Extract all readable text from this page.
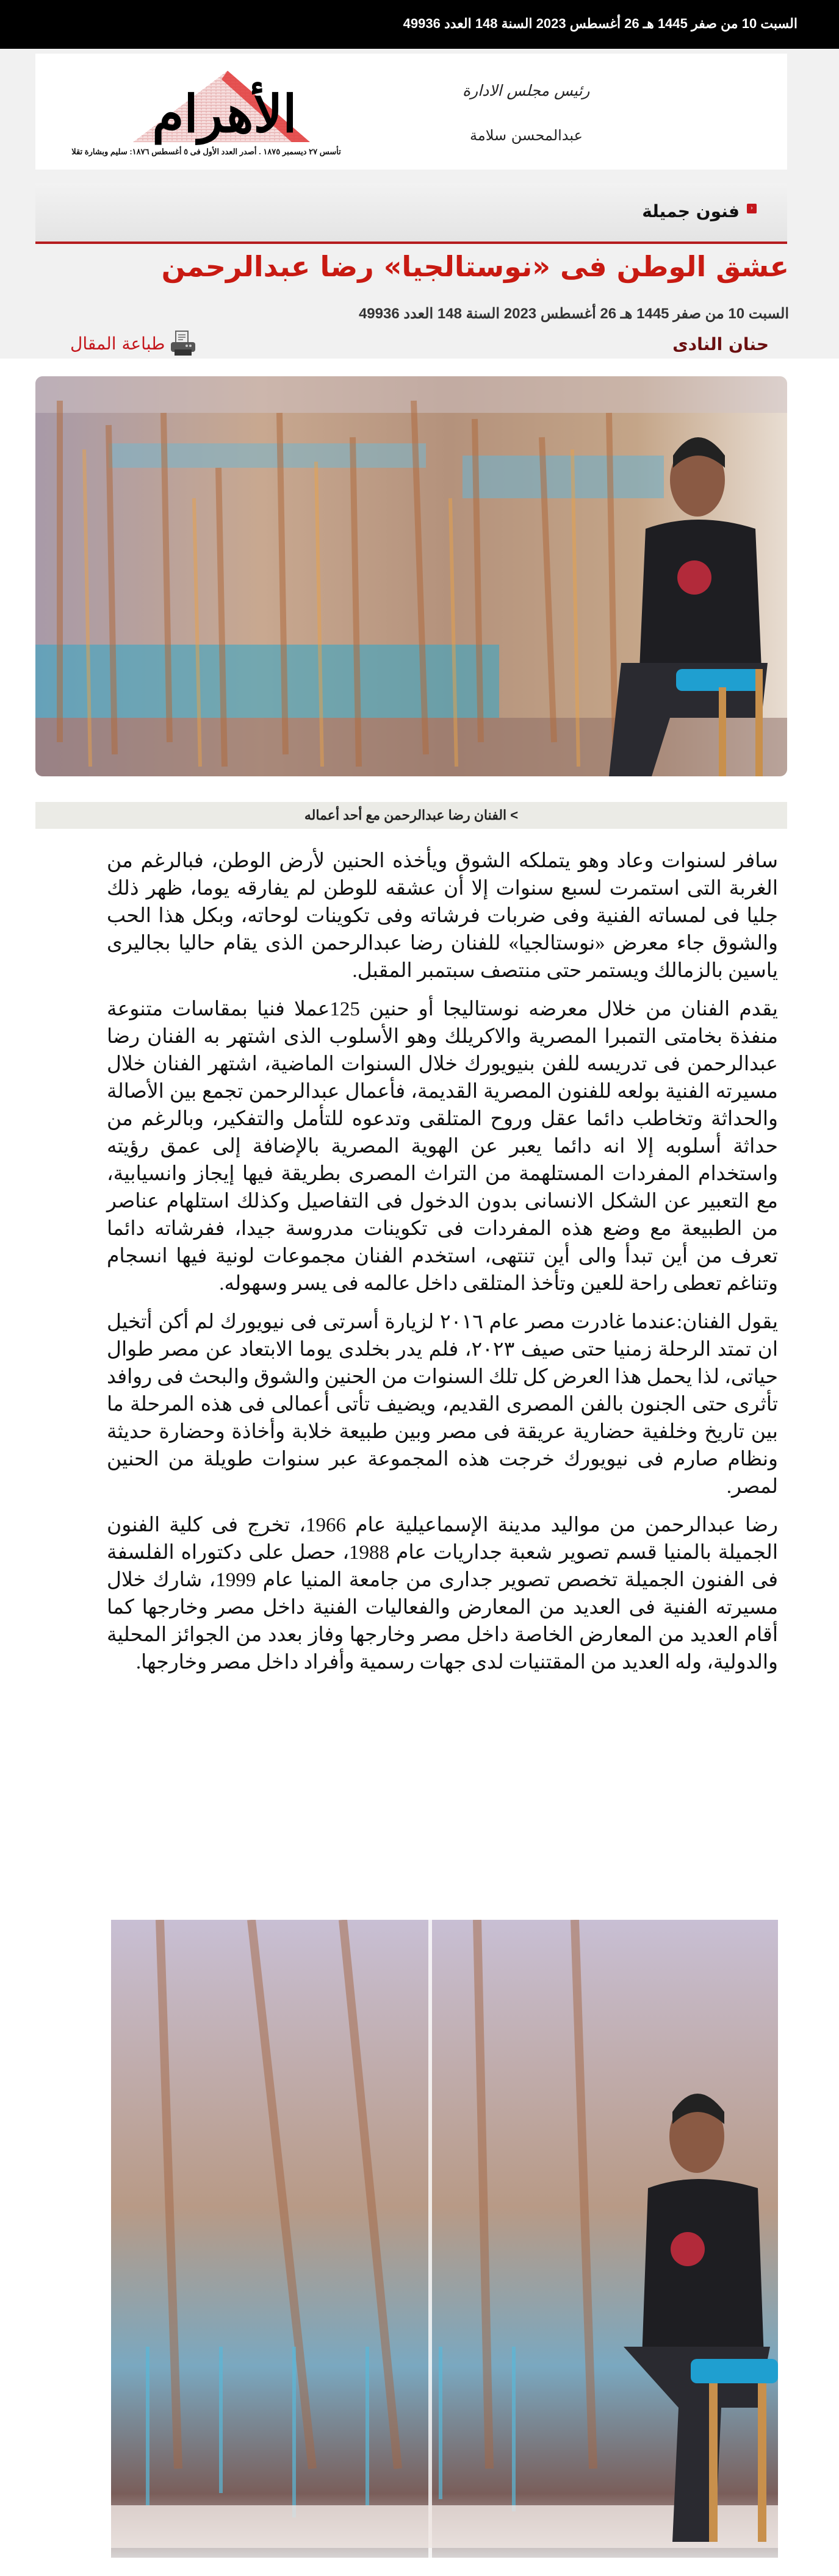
السبت 10 من صفر 1445 هـ 26 أغسطس 2023 السنة 148 العدد 49936
الأهرام
تأسس ٢٧ ديسمبر ١٨٧٥ . أصدر العدد الأول فى ٥ أغسطس ١٨٧٦: سليم وبشارة تقلا
رئيس مجلس الادارة
عبدالمحسن سلامة
‹
فنون جميلة
عشق الوطن فى «نوستالجيا» رضا عبدالرحمن
السبت 10 من صفر 1445 هـ 26 أغسطس 2023 السنة 148 العدد 49936
طباعة المقال	حنان النادى
> الفنان رضا عبدالرحمن مع أحد أعماله

سافر لسنوات وعاد وهو يتملكه الشوق ويأخذه الحنين لأرض الوطن، فبالرغم من الغربة التى استمرت لسبع سنوات إلا أن عشقه للوطن لم يفارقه يوما، ظهر ذلك جليا فى لمساته الفنية وفى ضربات فرشاته وفى تكوينات لوحاته، وبكل هذا الحب والشوق جاء معرض «نوستالجيا» للفنان رضا عبدالرحمن الذى يقام حاليا بجاليرى ياسين بالزمالك ويستمر حتى منتصف سبتمبر المقبل.

يقدم الفنان من خلال معرضه نوستاليجا أو حنين 125عملا فنيا بمقاسات متنوعة منفذة بخامتى التمبرا المصرية والاكريلك وهو الأسلوب الذى اشتهر به الفنان رضا عبدالرحمن فى تدريسه للفن بنيويورك خلال السنوات الماضية، اشتهر الفنان خلال مسيرته الفنية بولعه للفنون المصرية القديمة، فأعمال عبدالرحمن تجمع بين الأصالة والحداثة وتخاطب دائما عقل وروح المتلقى وتدعوه للتأمل والتفكير، وبالرغم من حداثة أسلوبه إلا انه دائما يعبر عن الهوية المصرية بالإضافة إلى عمق رؤيته واستخدام المفردات المستلهمة من التراث المصرى بطريقة فيها إيجاز وانسيابية، مع التعبير عن الشكل الانسانى بدون الدخول فى التفاصيل وكذلك استلهام عناصر من الطبيعة مع وضع هذه المفردات فى تكوينات مدروسة جيدا، ففرشاته دائما تعرف من أين تبدأ والى أين تنتهى، استخدم الفنان مجموعات لونية فيها انسجام وتناغم تعطى راحة للعين وتأخذ المتلقى داخل عالمه فى يسر وسهوله.

يقول الفنان:عندما غادرت مصر عام ٢٠١٦ لزيارة أسرتى فى نيويورك لم أكن أتخيل ان تمتد الرحلة زمنيا حتى صيف ٢٠٢٣، فلم يدر بخلدى يوما الابتعاد عن مصر طوال حياتى، لذا يحمل هذا العرض كل تلك السنوات من الحنين والشوق والبحث فى روافد تأثرى حتى الجنون بالفن المصرى القديم، ويضيف تأتى أعمالى فى هذه المرحلة ما بين تاريخ وخلفية حضارية عريقة فى مصر وبين طبيعة خلابة وأخاذة وحضارة حديثة ونظام صارم فى نيويورك خرجت هذه المجموعة عبر سنوات طويلة من الحنين لمصر.

رضا عبدالرحمن من مواليد مدينة الإسماعيلية عام 1966، تخرج فى كلية الفنون الجميلة بالمنيا قسم تصوير شعبة جداريات عام 1988، حصل على دكتوراه الفلسفة فى الفنون الجميلة تخصص تصوير جدارى من جامعة المنيا عام 1999، شارك خلال مسيرته الفنية فى العديد من المعارض والفعاليات الفنية داخل مصر وخارجها كما أقام العديد من المعارض الخاصة داخل مصر وخارجها وفاز بعدد من الجوائز المحلية والدولية، وله العديد من المقتنيات لدى جهات رسمية وأفراد داخل مصر وخارجها.
